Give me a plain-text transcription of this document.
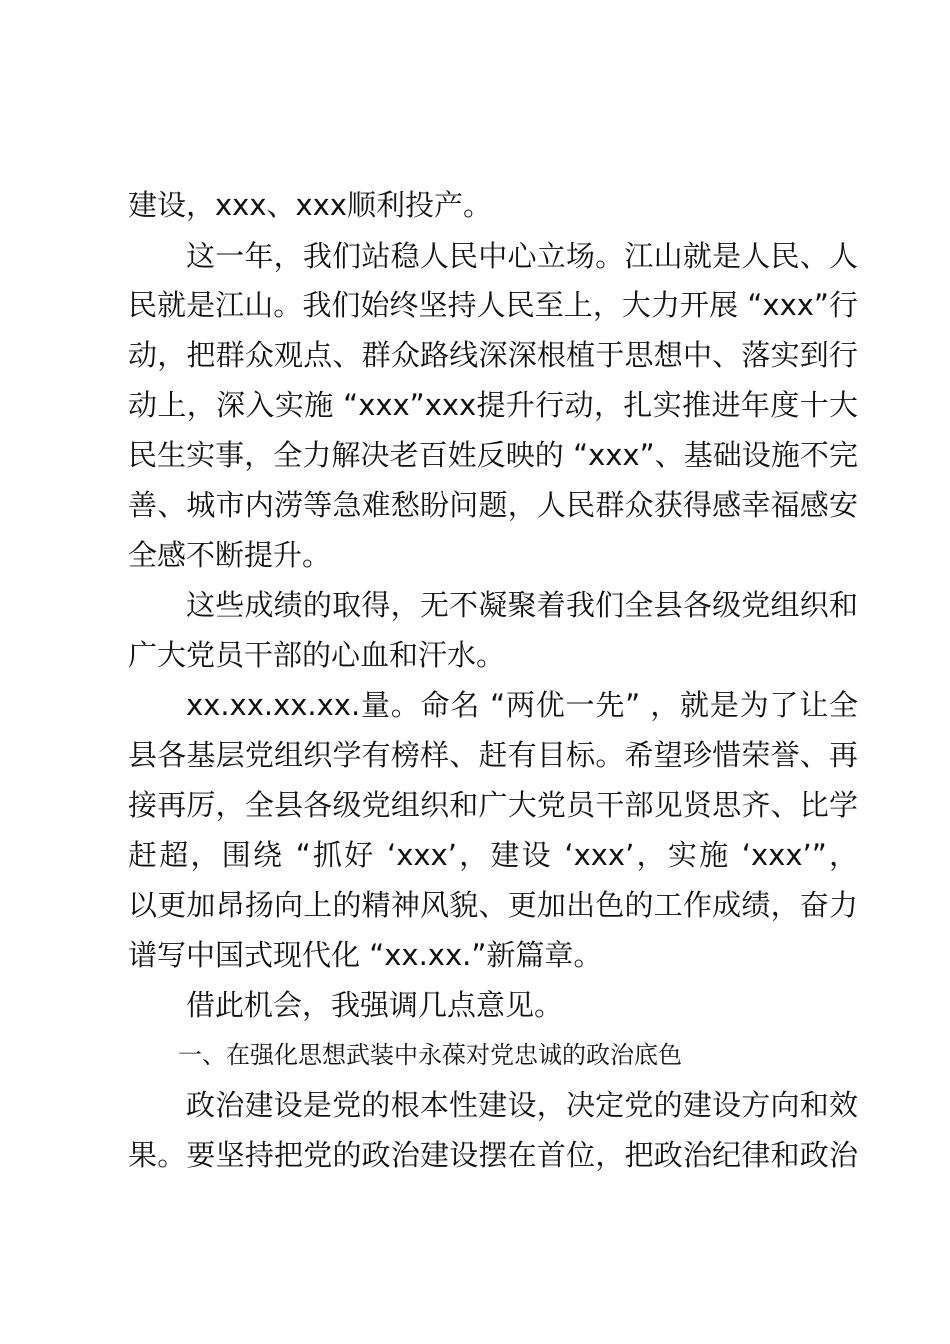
建设，xxx、xxx顺利投产。
这一年，我们站稳人民中心立场。江山就是人民、人
民就是江山。我们始终坚持人民至上，大力开展 “xxx”行
动，把群众观点、群众路线深深根植于思想中、落实到行
动上，深入实施 “xxx”xxx提升行动，扎实推进年度十大
民生实事，全力解决老百姓反映的 “xxx”、基础设施不完
善、城市内涝等急难愁盼问题，人民群众获得感幸福感安
全感不断提升。
这些成绩的取得，无不凝聚着我们全县各级党组织和
广大党员干部的心血和汗水。
xx.xx.xx.xx.量。命名 “两优一先” ，就是为了让全
县各基层党组织学有榜样、赶有目标。希望珍惜荣誉、再
接再厉，全县各级党组织和广大党员干部见贤思齐、比学
赶超，围绕 “抓好 ‘xxx’，建设 ‘xxx’，实施 ‘xxx’”，
以更加昂扬向上的精神风貌、更加出色的工作成绩，奋力
谱写中国式现代化 “xx.xx.”新篇章。
借此机会，我强调几点意见。
一、在强化思想武装中永葆对党忠诚的政治底色
政治建设是党的根本性建设，决定党的建设方向和效
果。要坚持把党的政治建设摆在首位，把政治纪律和政治
